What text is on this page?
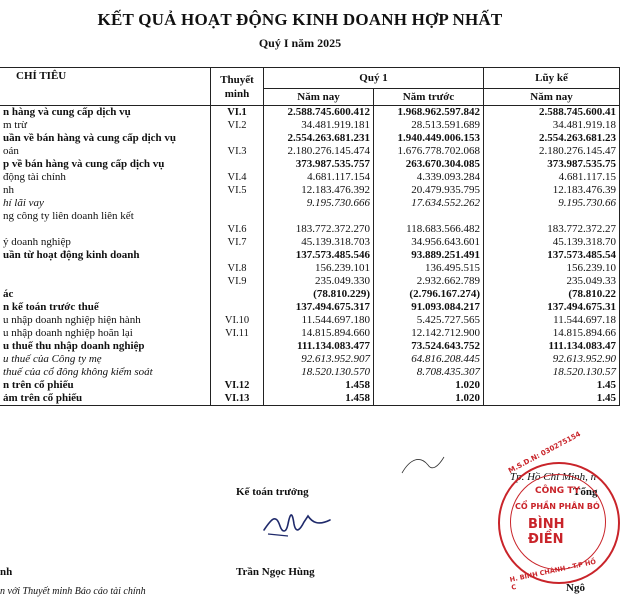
KẾT QUẢ HOẠT ĐỘNG KINH DOANH HỢP NHẤT
Quý I năm 2025
CHỈ TIÊU	Thuyết
minh	Quý 1		Lũy kế
		Năm nay	Năm trước	Năm nay
n hàng và cung cấp dịch vụ	VI.1	2.588.745.600.412	1.968.962.597.842	2.588.745.600.41
m trừ	VI.2	34.481.919.181	28.513.591.689	34.481.919.18
uần về bán hàng và cung cấp dịch vụ		2.554.263.681.231	1.940.449.006.153	2.554.263.681.23
oán	VI.3	2.180.276.145.474	1.676.778.702.068	2.180.276.145.47
p về bán hàng và cung cấp dịch vụ		373.987.535.757	263.670.304.085	373.987.535.75
động tài chính	VI.4	4.681.117.154	4.339.093.284	4.681.117.15
nh	VI.5	12.183.476.392	20.479.935.795	12.183.476.39
hí lãi vay		9.195.730.666	17.634.552.262	9.195.730.66
ng công ty liên doanh liên kết				
	VI.6	183.772.372.270	118.683.566.482	183.772.372.27
ý doanh nghiệp	VI.7	45.139.318.703	34.956.643.601	45.139.318.70
uần từ hoạt động kinh doanh		137.573.485.546	93.889.251.491	137.573.485.54
	VI.8	156.239.101	136.495.515	156.239.10
	VI.9	235.049.330	2.932.662.789	235.049.33
ác		(78.810.229)	(2.796.167.274)	(78.810.22
n kế toán trước thuế		137.494.675.317	91.093.084.217	137.494.675.31
u nhập doanh nghiệp hiện hành	VI.10	11.544.697.180	5.425.727.565	11.544.697.18
u nhập doanh nghiệp hoãn lại	VI.11	14.815.894.660	12.142.712.900	14.815.894.66
u thuế thu nhập doanh nghiệp		111.134.083.477	73.524.643.752	111.134.083.47
u thuế của Công ty mẹ		92.613.952.907	64.816.208.445	92.613.952.90
thuế của cổ đông không kiểm soát		18.520.130.570	8.708.435.307	18.520.130.57
n trên cổ phiếu	VI.12	1.458	1.020	1.45
ảm trên cổ phiếu	VI.13	1.458	1.020	1.45
Tp. Hồ Chí Minh, n
Kế toán trưởng	Tổng
Trần Ngọc Hùng
Ngô
nh
n với Thuyết minh Báo cáo tài chính
M.S.D.N: 030275154
CÔNG TY
CỔ PHẦN PHÂN BÓ
BÌNH ĐIỀN
H. BÌNH CHÁNH - T.P HỒ C
